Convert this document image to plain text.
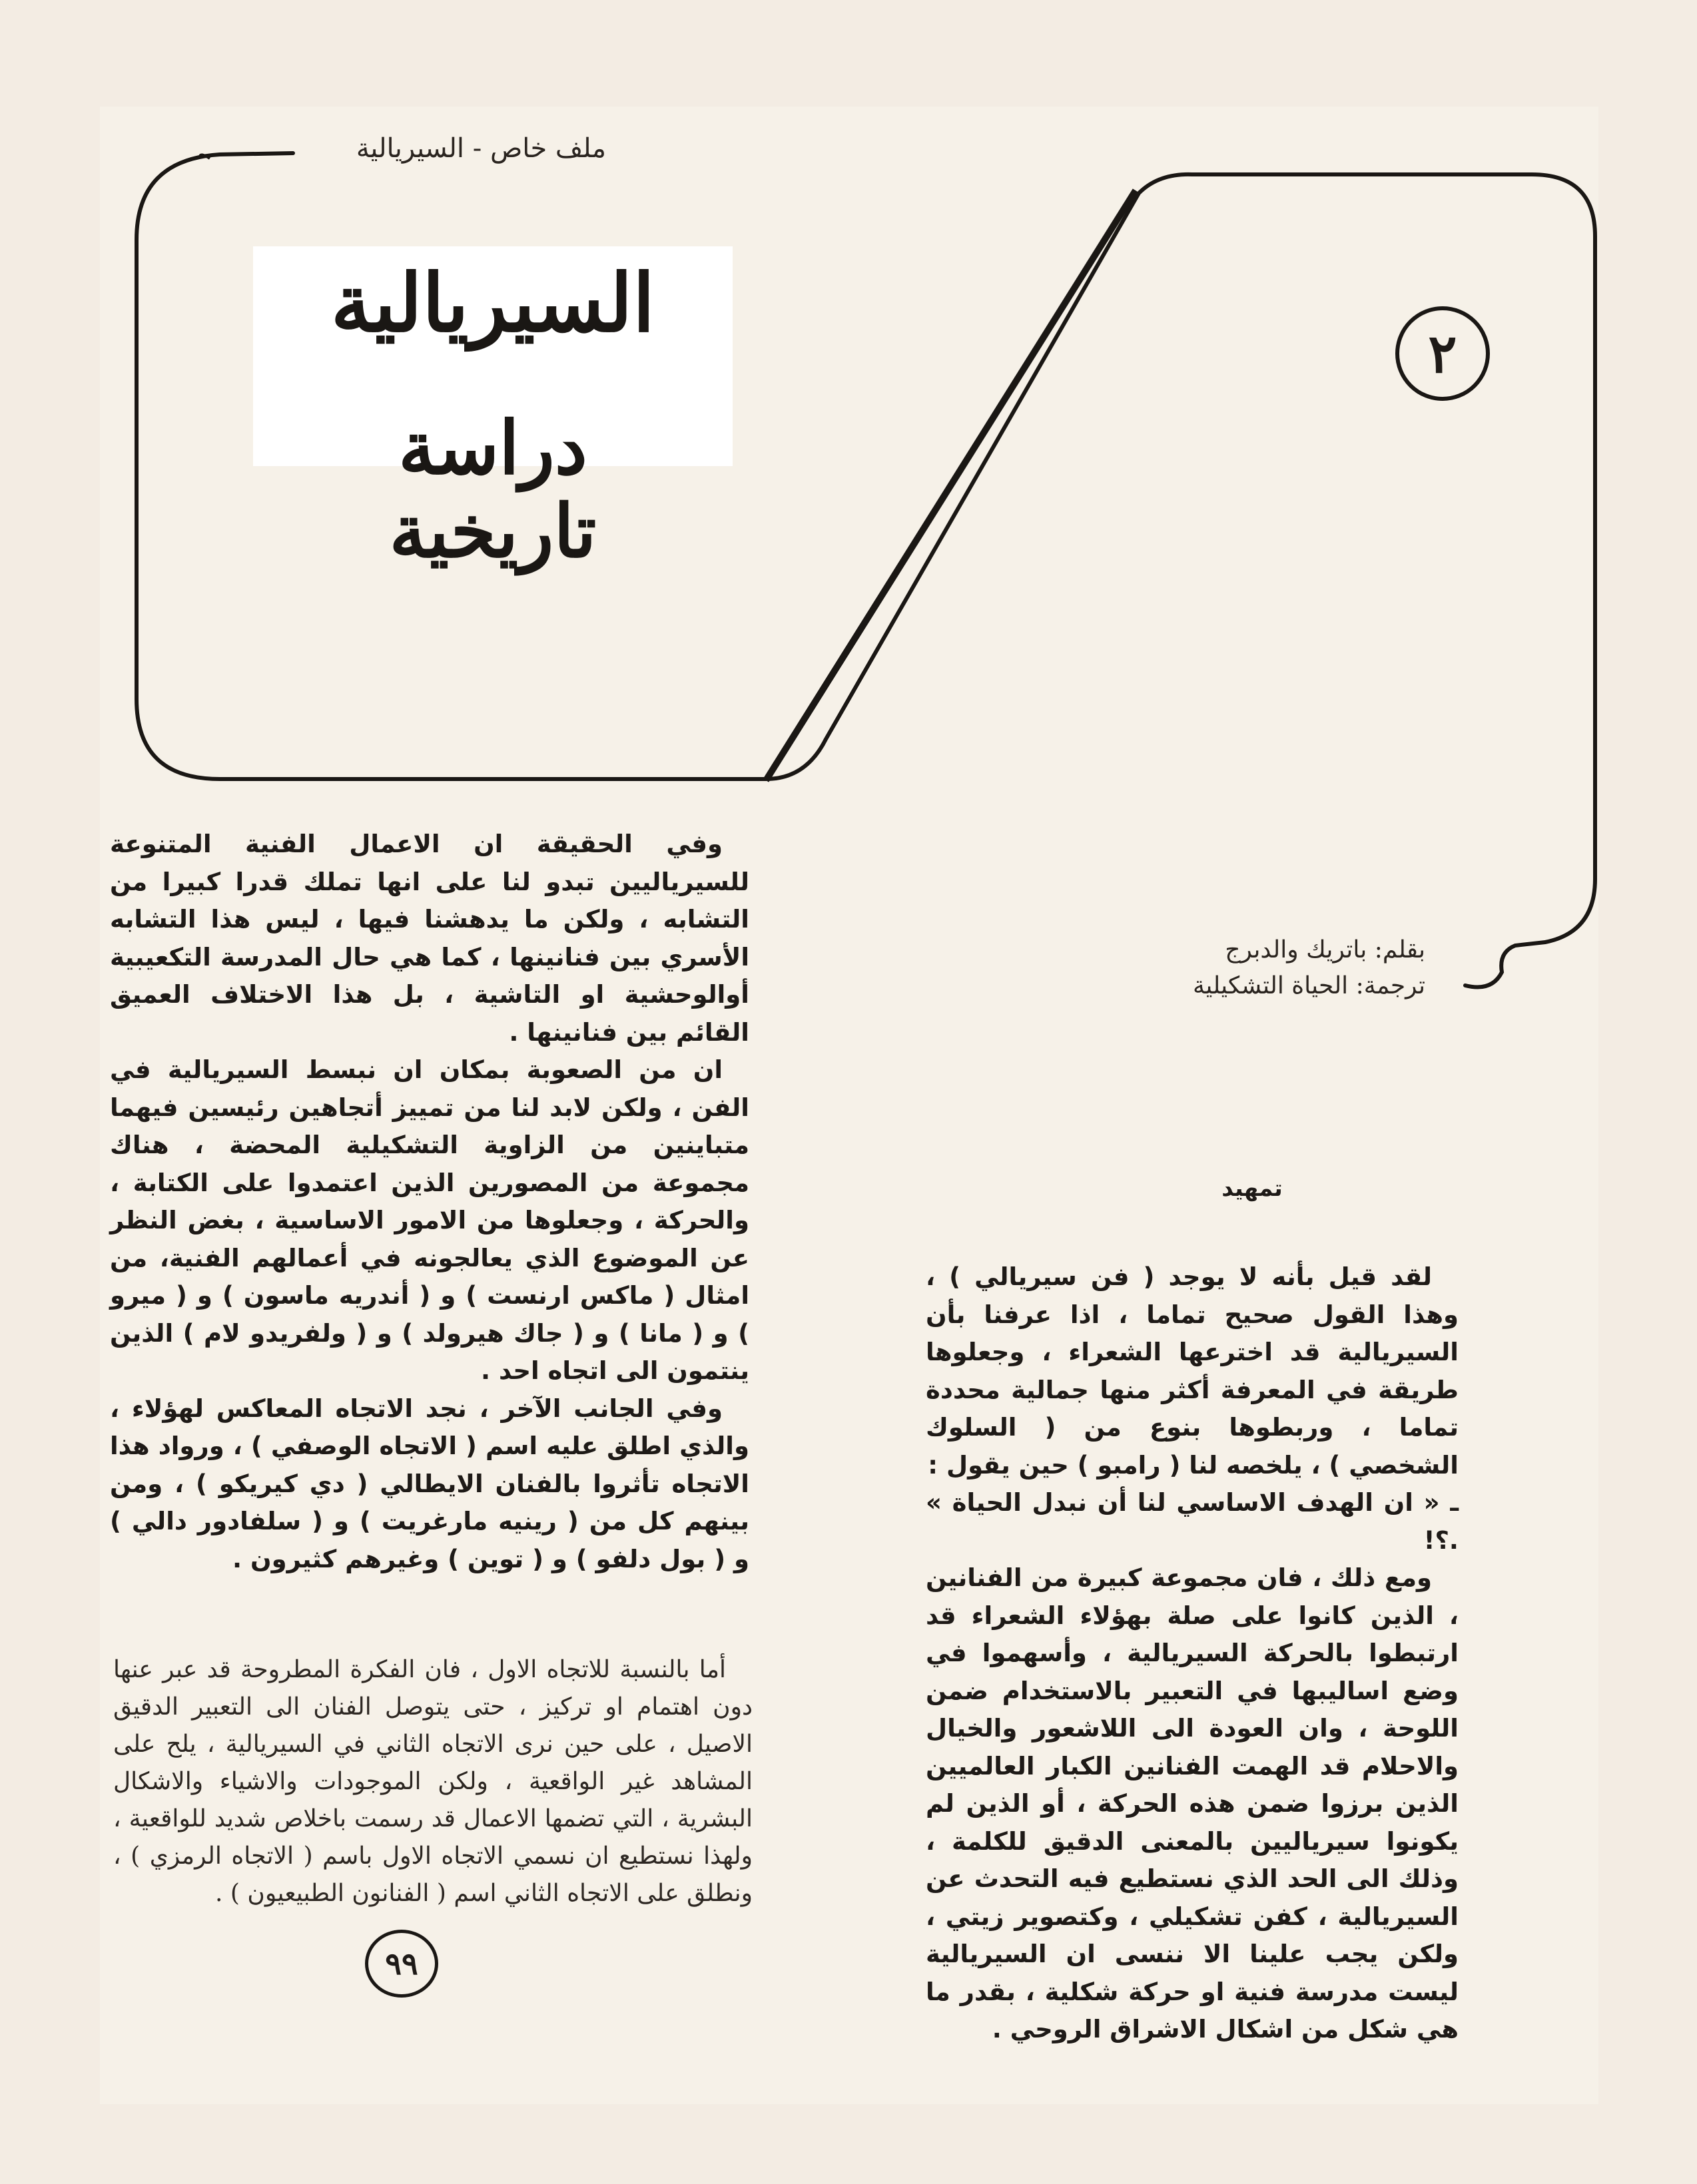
ملف خاص - السيريالية
السيريالية
دراسة
تاريخية
٢
بقلم: باتريك والدبرج
ترجمة: الحياة التشكيلية
تمهيد

وفي الحقيقة ان الاعمال الفنية المتنوعة للسيرياليين تبدو لنا على انها تملك قدرا كبيرا من التشابه ، ولكن ما يدهشنا فيها ، ليس هذا التشابه الأسري بين فنانينها ، كما هي حال المدرسة التكعيبية أوالوحشية او التاشية ، بل هذا الاختلاف العميق القائم بين فنانينها .

ان من الصعوبة بمكان ان نبسط السيريالية في الفن ، ولكن لابد لنا من تمييز أتجاهين رئيسين فيهما متباينين من الزاوية التشكيلية المحضة ، هناك مجموعة من المصورين الذين اعتمدوا على الكتابة ، والحركة ، وجعلوها من الامور الاساسية ، بغض النظر عن الموضوع الذي يعالجونه في أعمالهم الفنية، من امثال ( ماكس ارنست ) و ( أندريه ماسون ) و ( ميرو ) و ( مانا ) و ( جاك هيرولد ) و ( ولفريدو لام ) الذين ينتمون الى اتجاه احد .

وفي الجانب الآخر ، نجد الاتجاه المعاكس لهؤلاء ، والذي اطلق عليه اسم ( الاتجاه الوصفي ) ، ورواد هذا الاتجاه تأثروا بالفنان الايطالي ( دي كيريكو ) ، ومن بينهم كل من ( رينيه مارغريت ) و ( سلفادور دالي ) و ( بول دلفو ) و ( توين ) وغيرهم كثيرون .

أما بالنسبة للاتجاه الاول ، فان الفكرة المطروحة قد عبر عنها دون اهتمام او تركيز ، حتى يتوصل الفنان الى التعبير الدقيق الاصيل ، على حين نرى الاتجاه الثاني في السيريالية ، يلح على المشاهد غير الواقعية ، ولكن الموجودات والاشياء والاشكال البشرية ، التي تضمها الاعمال قد رسمت باخلاص شديد للواقعية ، ولهذا نستطيع ان نسمي الاتجاه الاول باسم ( الاتجاه الرمزي ) ، ونطلق على الاتجاه الثاني اسم ( الفنانون الطبيعيون ) .

لقد قيل بأنه لا يوجد ( فن سيريالي ) ، وهذا القول صحيح تماما ، اذا عرفنا بأن السيريالية قد اخترعها الشعراء ، وجعلوها طريقة في المعرفة أكثر منها جمالية محددة تماما ، وربطوها بنوع من ( السلوك الشخصي ) ، يلخصه لنا ( رامبو ) حين يقول :

ـ « ان الهدف الاساسي لنا أن نبدل الحياة » .؟!

ومع ذلك ، فان مجموعة كبيرة من الفنانين ، الذين كانوا على صلة بهؤلاء الشعراء قد ارتبطوا بالحركة السيريالية ، وأسهموا في وضع اساليبها في التعبير بالاستخدام ضمن اللوحة ، وان العودة الى اللاشعور والخيال والاحلام قد الهمت الفنانين الكبار العالميين الذين برزوا ضمن هذه الحركة ، أو الذين لم يكونوا سيرياليين بالمعنى الدقيق للكلمة ، وذلك الى الحد الذي نستطيع فيه التحدث عن السيريالية ، كفن تشكيلي ، وكتصوير زيتي ، ولكن يجب علينا الا ننسى ان السيريالية ليست مدرسة فنية او حركة شكلية ، بقدر ما هي شكل من اشكال الاشراق الروحي .

٩٩
